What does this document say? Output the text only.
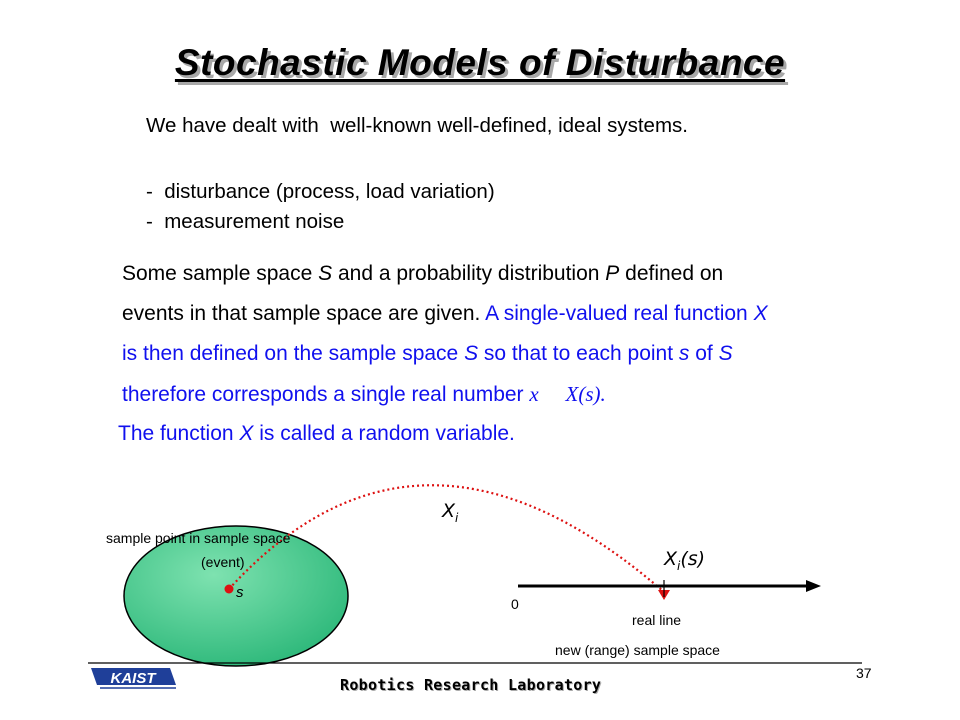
Stochastic Models of Disturbance
We have dealt with  well-known well-defined, ideal systems.
-  disturbance (process, load variation)
-  measurement noise
Some sample space S and a probability distribution P defined on
events in that sample space are given. A single-valued real function X
is then defined on the sample space S so that to each point s of S
therefore corresponds a single real number x X(s).
The function X is called a random variable.
KAIST
sample point in sample space
(event)
s
$X_i$
$X_i(s)$
0
real line
new (range) sample space
Robotics Research Laboratory
37
